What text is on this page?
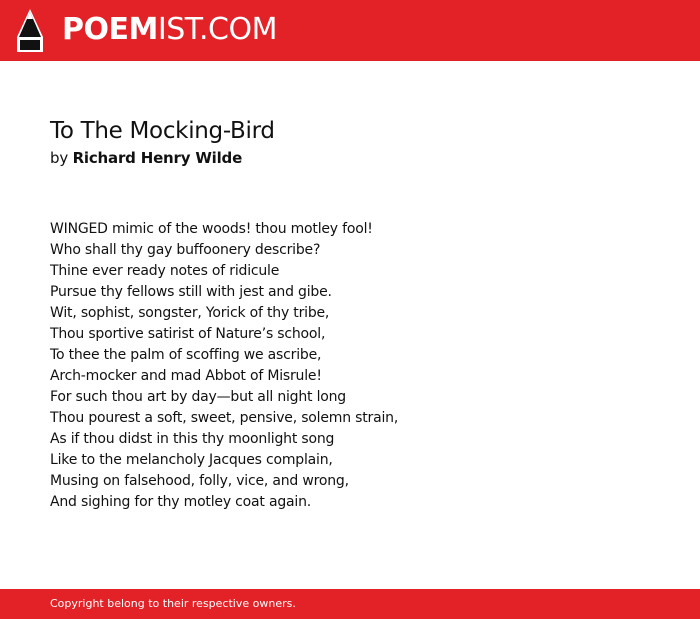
POEMIST.COM
To The Mocking-Bird
by Richard Henry Wilde
WINGED mimic of the woods! thou motley fool!
Who shall thy gay buffoonery describe?
Thine ever ready notes of ridicule
Pursue thy fellows still with jest and gibe.
Wit, sophist, songster, Yorick of thy tribe,
Thou sportive satirist of Nature’s school,
To thee the palm of scoffing we ascribe,
Arch-mocker and mad Abbot of Misrule!
For such thou art by day—but all night long
Thou pourest a soft, sweet, pensive, solemn strain,
As if thou didst in this thy moonlight song
Like to the melancholy Jacques complain,
Musing on falsehood, folly, vice, and wrong,
And sighing for thy motley coat again.
Copyright belong to their respective owners.
